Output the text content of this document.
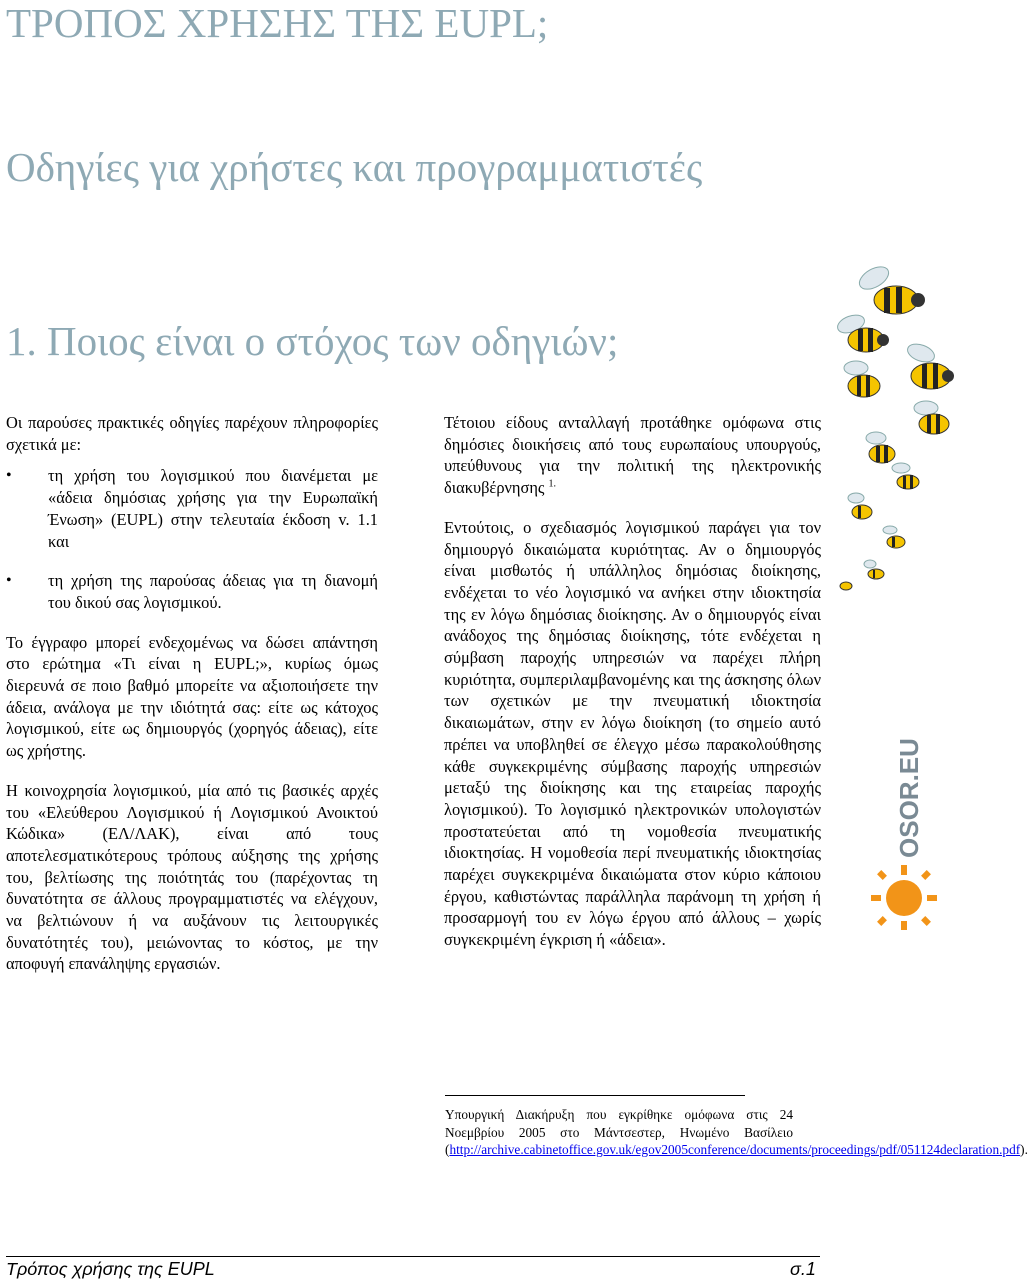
ΤΡΟΠΟΣ ΧΡΗΣΗΣ ΤΗΣ EUPL;
Οδηγίες για χρήστες και προγραμματιστές
1. Ποιος είναι ο στόχος των οδηγιών;

Οι παρούσες πρακτικές οδηγίες παρέχουν πληροφορίες σχετικά με:

• τη χρήση του λογισμικού που διανέμεται με «άδεια δημόσιας χρήσης για την Ευρωπαϊκή Ένωση» (EUPL) στην τελευταία έκδοση v. 1.1 και
• τη χρήση της παρούσας άδειας για τη διανομή του δικού σας λογισμικού.

Το έγγραφο μπορεί ενδεχομένως να δώσει απάντηση στο ερώτημα «Τι είναι η EUPL;», κυρίως όμως διερευνά σε ποιο βαθμό μπορείτε να αξιοποιήσετε την άδεια, ανάλογα με την ιδιότητά σας: είτε ως κάτοχος λογισμικού, είτε ως δημιουργός (χορηγός άδειας), είτε ως χρήστης.

Η κοινοχρησία λογισμικού, μία από τις βασικές αρχές του «Ελεύθερου Λογισμικού ή Λογισμικού Ανοικτού Κώδικα» (ΕΛ/ΛΑΚ), είναι από τους αποτελεσματικότερους τρόπους αύξησης της χρήσης του, βελτίωσης της ποιότητάς του (παρέχοντας τη δυνατότητα σε άλλους προγραμματιστές να ελέγχουν, να βελτιώνουν ή να αυξάνουν τις λειτουργικές δυνατότητές του), μειώνοντας το κόστος, με την αποφυγή επανάληψης εργασιών.

Τέτοιου είδους ανταλλαγή προτάθηκε ομόφωνα στις δημόσιες διοικήσεις από τους ευρωπαίους υπουργούς, υπεύθυνους για την πολιτική της ηλεκτρονικής διακυβέρνησης $^{1.}$

Εντούτοις, ο σχεδιασμός λογισμικού παράγει για τον δημιουργό δικαιώματα κυριότητας. Αν ο δημιουργός είναι μισθωτός ή υπάλληλος δημόσιας διοίκησης, ενδέχεται το νέο λογισμικό να ανήκει στην ιδιοκτησία της εν λόγω δημόσιας διοίκησης. Αν ο δημιουργός είναι ανάδοχος της δημόσιας διοίκησης, τότε ενδέχεται η σύμβαση παροχής υπηρεσιών να παρέχει πλήρη κυριότητα, συμπεριλαμβανομένης και της άσκησης όλων των σχετικών με την πνευματική ιδιοκτησία δικαιωμάτων, στην εν λόγω διοίκηση (το σημείο αυτό πρέπει να υποβληθεί σε έλεγχο μέσω παρακολούθησης κάθε συγκεκριμένης σύμβασης παροχής υπηρεσιών μεταξύ της διοίκησης και της εταιρείας παροχής λογισμικού). Το λογισμικό ηλεκτρονικών υπολογιστών προστατεύεται από τη νομοθεσία πνευματικής ιδιοκτησίας. Η νομοθεσία περί πνευματικής ιδιοκτησίας παρέχει συγκεκριμένα δικαιώματα στον κύριο κάποιου έργου, καθιστώντας παράλληλα παράνομη τη χρήση ή προσαρμογή του εν λόγω έργου από άλλους – χωρίς συγκεκριμένη έγκριση ή «άδεια».

Υπουργική Διακήρυξη που εγκρίθηκε ομόφωνα στις 24 Νοεμβρίου 2005 στο Μάντσεστερ, Ηνωμένο Βασίλειο (http://archive.cabinetoffice.gov.uk/egov2005conference/documents/proceedings/pdf/051124declaration.pdf).

Τρόπος χρήσης της EUPL	σ.1
OSOR.EU
